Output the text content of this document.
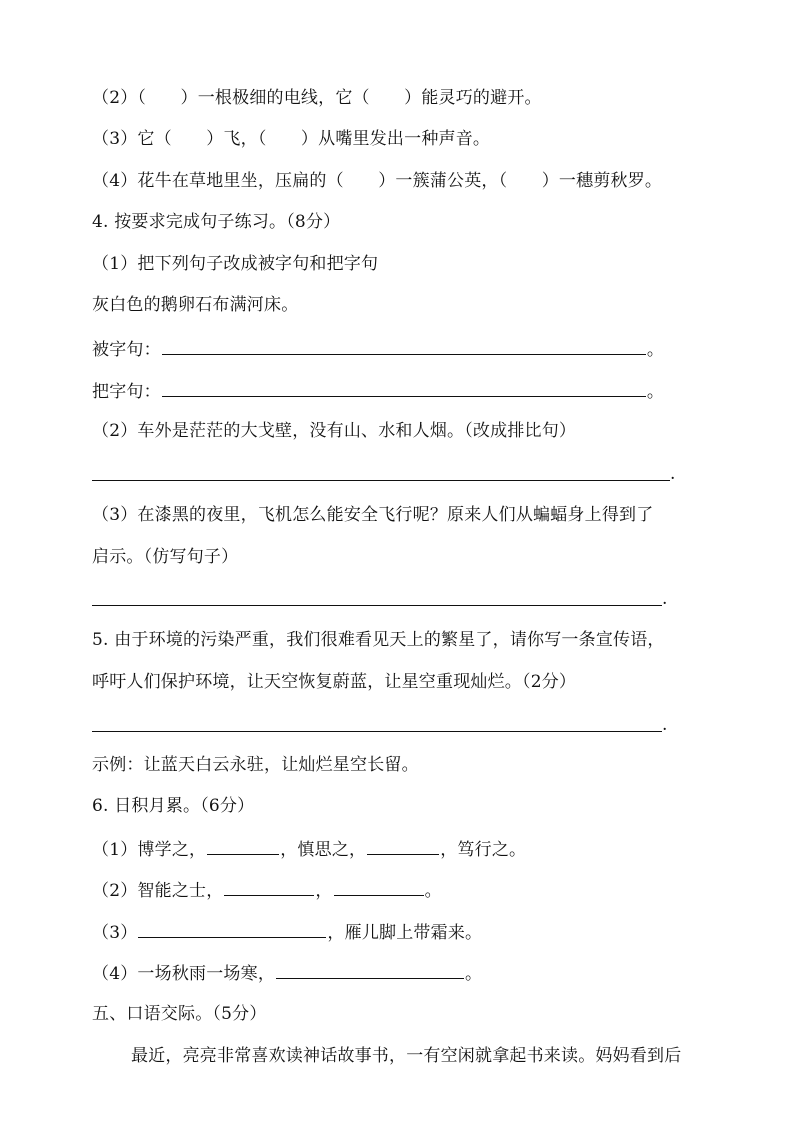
（2）（　　）一根极细的电线，它（　　）能灵巧的避开。
（3）它（　　）飞，（　　）从嘴里发出一种声音。
（4）花牛在草地里坐，压扁的（　　）一簇蒲公英，（　　）一穗剪秋罗。
4. 按要求完成句子练习。（8分）
（1）把下列句子改成被字句和把字句
灰白色的鹅卵石布满河床。
被字句：	。
把字句：	。
（2）车外是茫茫的大戈壁，没有山、水和人烟。（改成排比句）
.
（3）在漆黑的夜里，飞机怎么能安全飞行呢？原来人们从蝙蝠身上得到了
启示。（仿写句子）
.
5. 由于环境的污染严重，我们很难看见天上的繁星了，请你写一条宣传语，
呼吁人们保护环境，让天空恢复蔚蓝，让星空重现灿烂。（2分）
.
示例：让蓝天白云永驻，让灿烂星空长留。
6. 日积月累。（6分）
（1）博学之，	，慎思之，	，笃行之。
（2）智能之士，	，	。
（3）	，雁儿脚上带霜来。
（4）一场秋雨一场寒，	。
五、口语交际。（5分）
最近，亮亮非常喜欢读神话故事书，一有空闲就拿起书来读。妈妈看到后
